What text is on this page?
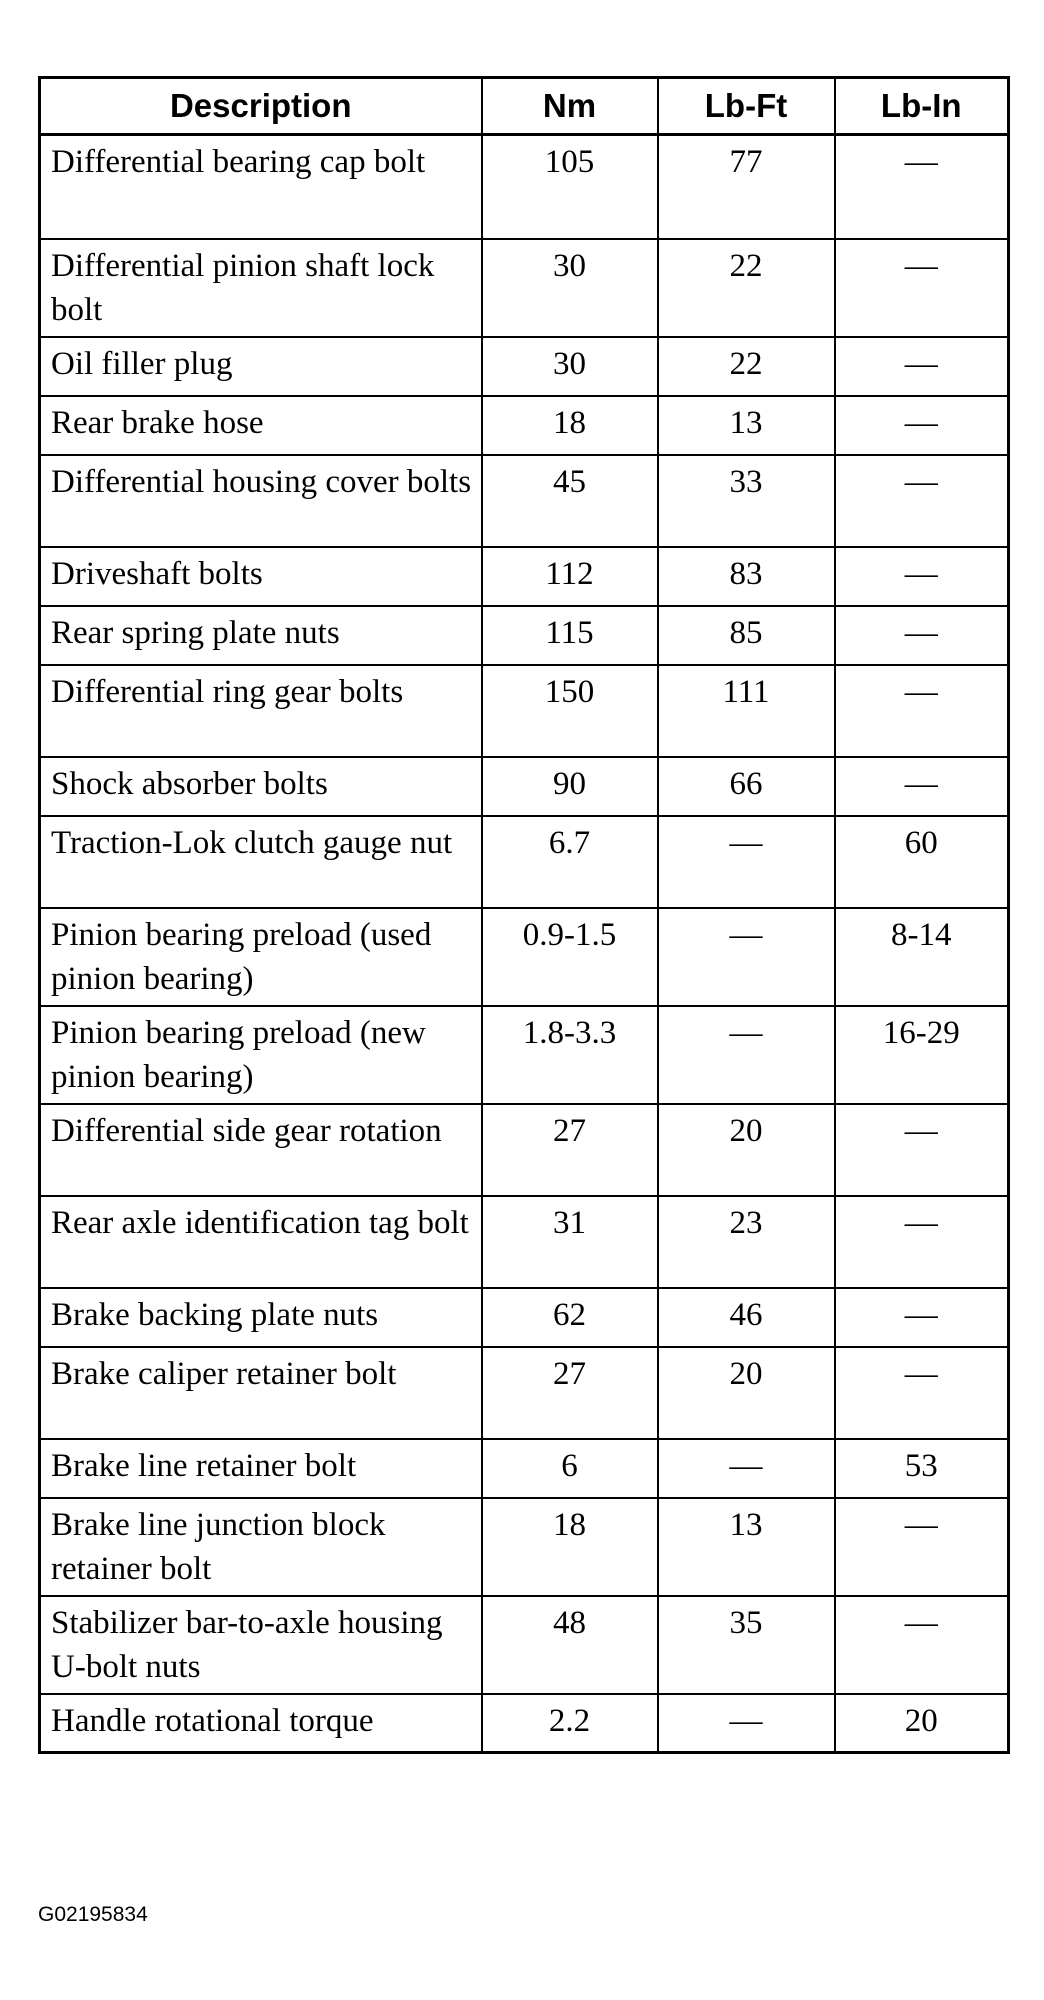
Description	Nm	Lb-Ft	Lb-In
Differential bearing cap bolt	105	77	—
Differential pinion shaft lock bolt	30	22	—
Oil filler plug	30	22	—
Rear brake hose	18	13	—
Differential housing cover bolts	45	33	—
Driveshaft bolts	112	83	—
Rear spring plate nuts	115	85	—
Differential ring gear bolts	150	111	—
Shock absorber bolts	90	66	—
Traction-Lok clutch gauge nut	6.7	—	60
Pinion bearing preload (used pinion bearing)	0.9-1.5	—	8-14
Pinion bearing preload (new pinion bearing)	1.8-3.3	—	16-29
Differential side gear rotation	27	20	—
Rear axle identification tag bolt	31	23	—
Brake backing plate nuts	62	46	—
Brake caliper retainer bolt	27	20	—
Brake line retainer bolt	6	—	53
Brake line junction block retainer bolt	18	13	—
Stabilizer bar-to-axle housing U-bolt nuts	48	35	—
Handle rotational torque	2.2	—	20
G02195834
